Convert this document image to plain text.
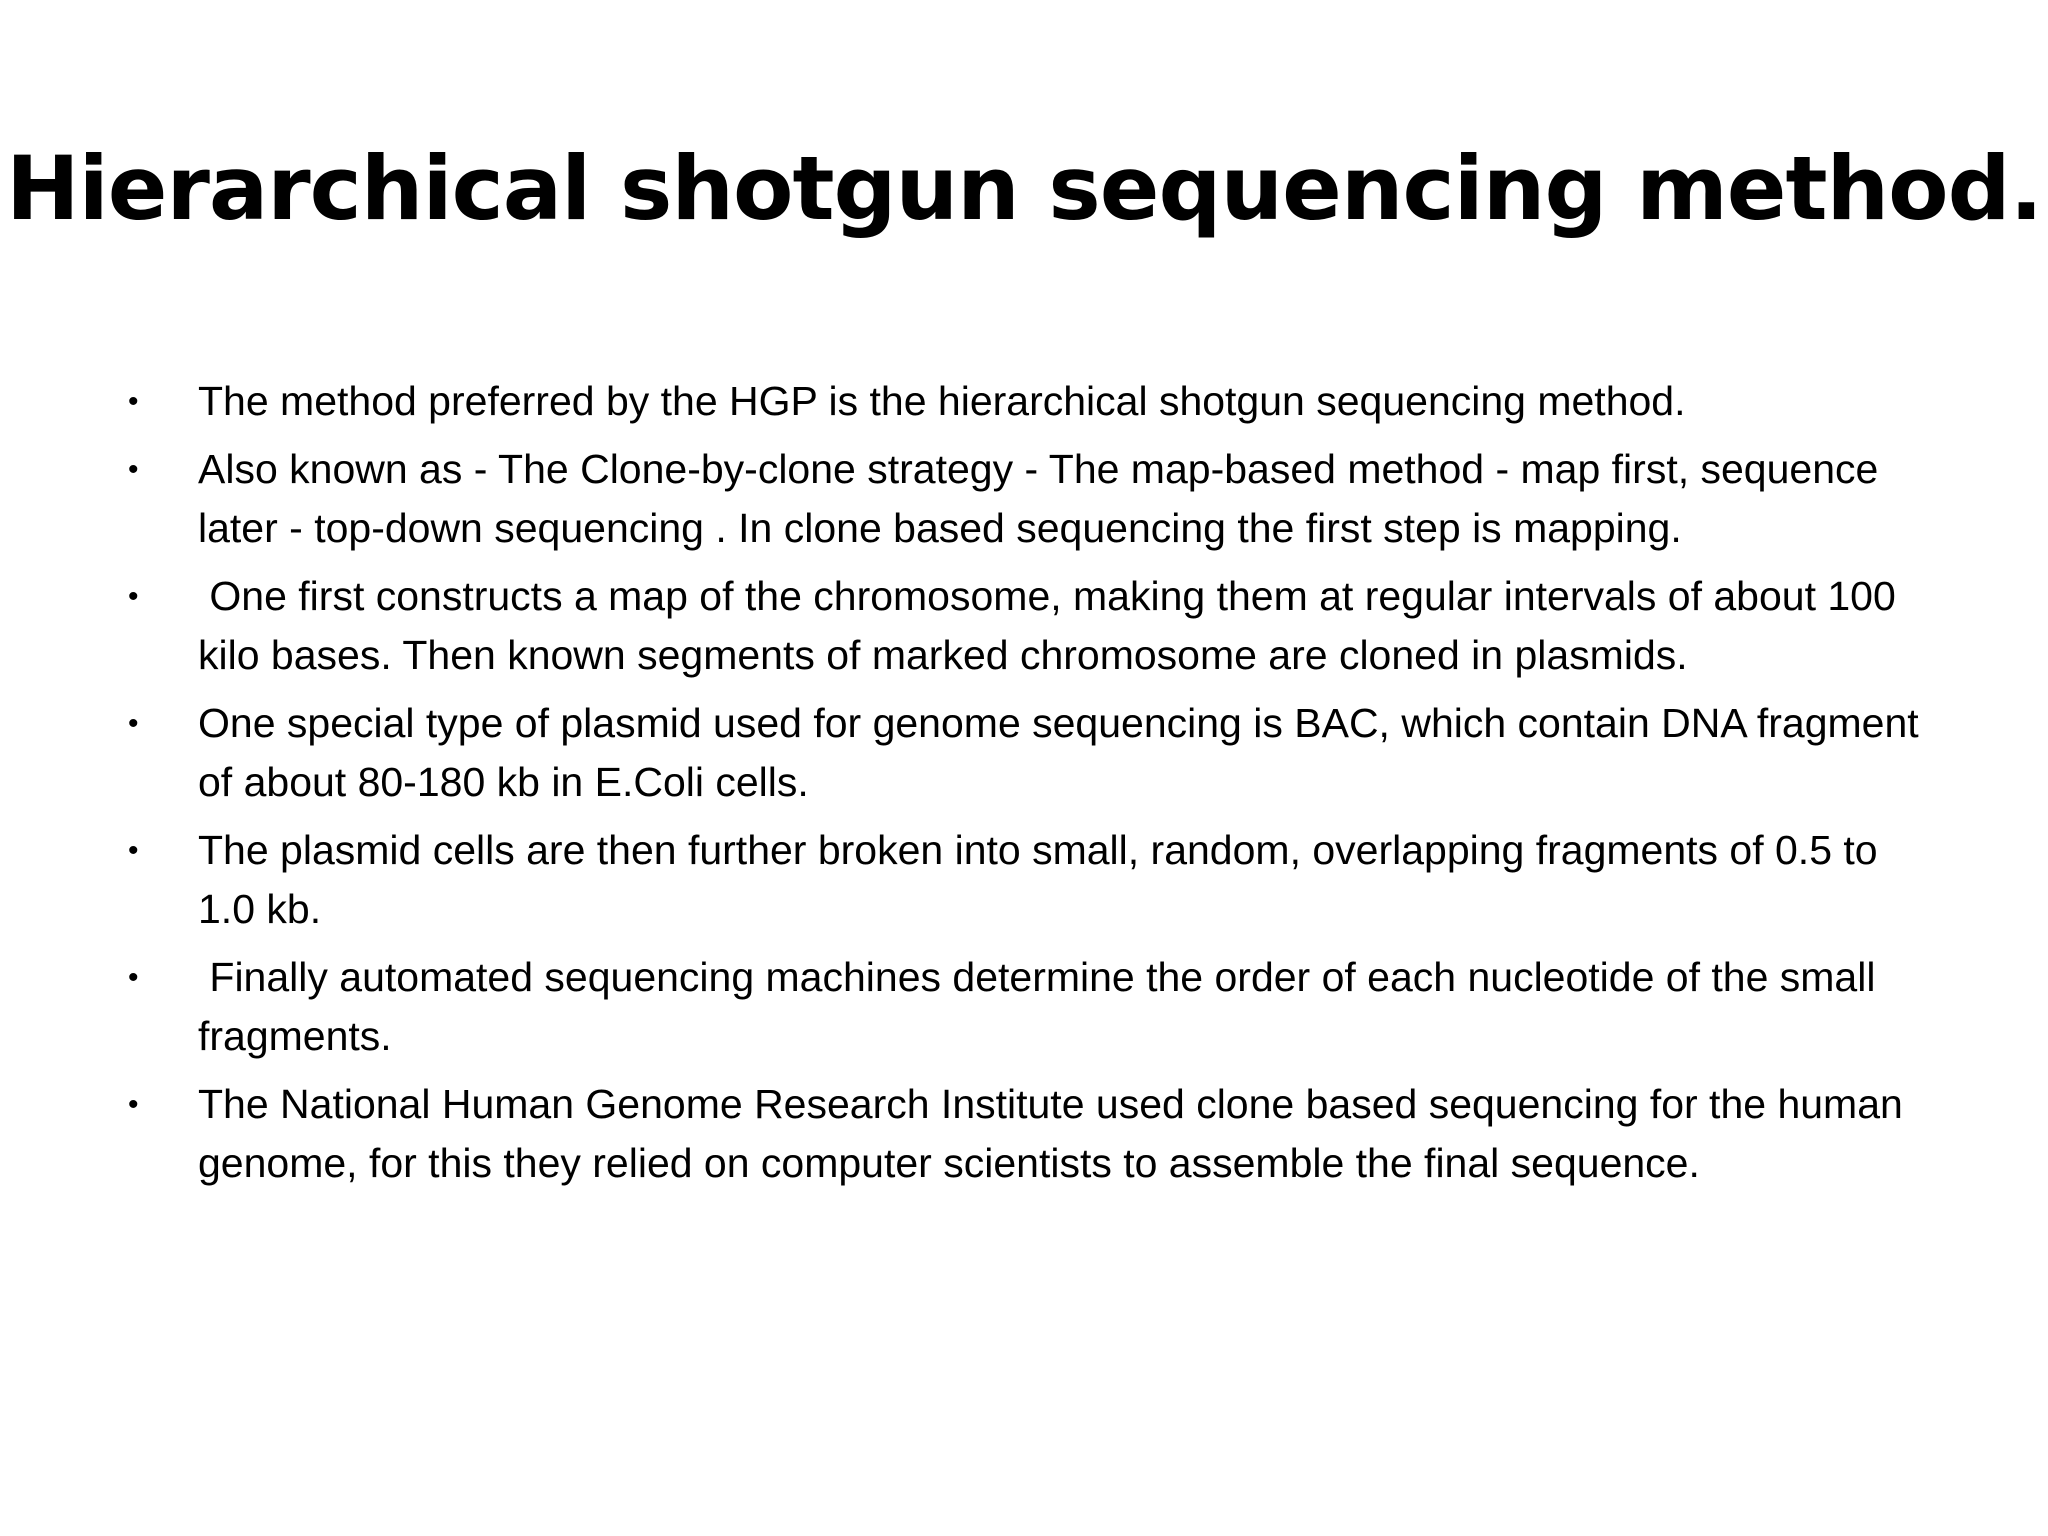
Hierarchical shotgun sequencing method.
• The method preferred by the HGP is the hierarchical shotgun sequencing method.
• Also known as - The Clone-by-clone strategy - The map-based method - map first, sequence later - top-down sequencing . In clone based sequencing the first step is mapping.
• One first constructs a map of the chromosome, making them at regular intervals of about 100 kilo bases. Then known segments of marked chromosome are cloned in plasmids.
• One special type of plasmid used for genome sequencing is BAC, which contain DNA fragment of about 80-180 kb in E.Coli cells.
• The plasmid cells are then further broken into small, random, overlapping fragments of 0.5 to 1.0 kb.
• Finally automated sequencing machines determine the order of each nucleotide of the small fragments.
• The National Human Genome Research Institute used clone based sequencing for the human genome, for this they relied on computer scientists to assemble the final sequence.
